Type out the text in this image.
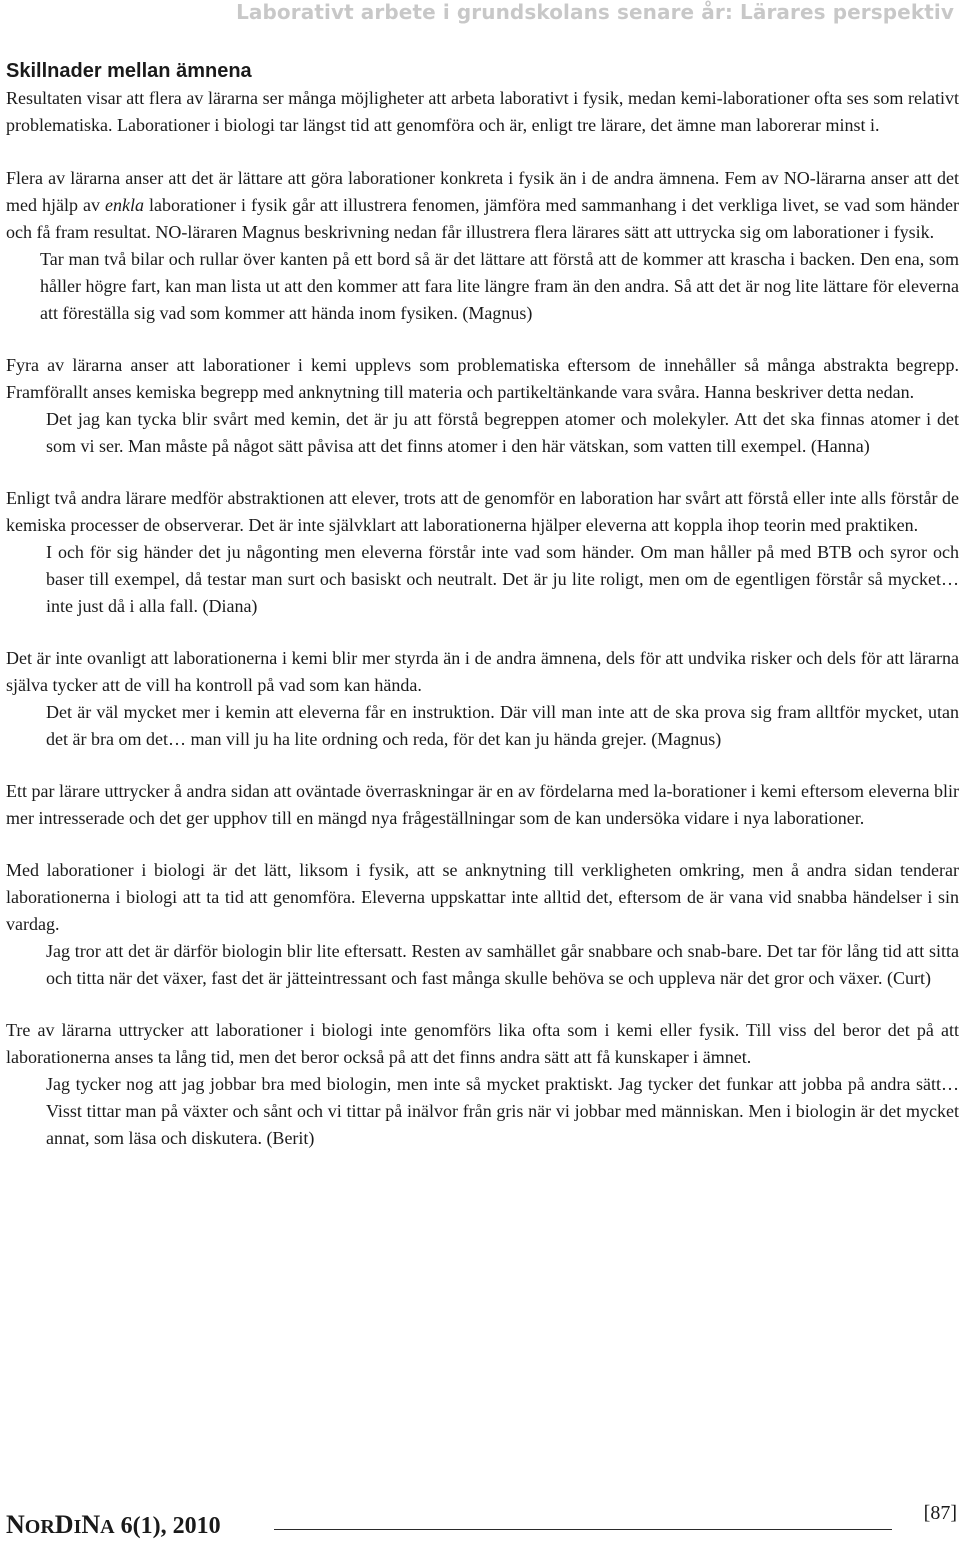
Laborativt arbete i grundskolans senare år: Lärares perspektiv
Skillnader mellan ämnena

Resultaten visar att flera av lärarna ser många möjligheter att arbeta laborativt i fysik, medan kemi-laborationer ofta ses som relativt problematiska. Laborationer i biologi tar längst tid att genomföra och är, enligt tre lärare, det ämne man laborerar minst i.

Flera av lärarna anser att det är lättare att göra laborationer konkreta i fysik än i de andra ämnena. Fem av NO-lärarna anser att det med hjälp av enkla laborationer i fysik går att illustrera fenomen, jämföra med sammanhang i det verkliga livet, se vad som händer och få fram resultat. NO-läraren Magnus beskrivning nedan får illustrera flera lärares sätt att uttrycka sig om laborationer i fysik.

Tar man två bilar och rullar över kanten på ett bord så är det lättare att förstå att de kommer att krascha i backen. Den ena, som håller högre fart, kan man lista ut att den kommer att fara lite längre fram än den andra. Så att det är nog lite lättare för eleverna att föreställa sig vad som kommer att hända inom fysiken. (Magnus)

Fyra av lärarna anser att laborationer i kemi upplevs som problematiska eftersom de innehåller så många abstrakta begrepp. Framförallt anses kemiska begrepp med anknytning till materia och partikeltänkande vara svåra. Hanna beskriver detta nedan.

Det jag kan tycka blir svårt med kemin, det är ju att förstå begreppen atomer och molekyler. Att det ska finnas atomer i det som vi ser. Man måste på något sätt påvisa att det finns atomer i den här vätskan, som vatten till exempel. (Hanna)

Enligt två andra lärare medför abstraktionen att elever, trots att de genomför en laboration har svårt att förstå eller inte alls förstår de kemiska processer de observerar. Det är inte självklart att laborationerna hjälper eleverna att koppla ihop teorin med praktiken.

I och för sig händer det ju någonting men eleverna förstår inte vad som händer. Om man håller på med BTB och syror och baser till exempel, då testar man surt och basiskt och neutralt. Det är ju lite roligt, men om de egentligen förstår så mycket… inte just då i alla fall. (Diana)

Det är inte ovanligt att laborationerna i kemi blir mer styrda än i de andra ämnena, dels för att undvika risker och dels för att lärarna själva tycker att de vill ha kontroll på vad som kan hända.

Det är väl mycket mer i kemin att eleverna får en instruktion. Där vill man inte att de ska prova sig fram alltför mycket, utan det är bra om det… man vill ju ha lite ordning och reda, för det kan ju hända grejer. (Magnus)

Ett par lärare uttrycker å andra sidan att oväntade överraskningar är en av fördelarna med la-borationer i kemi eftersom eleverna blir mer intresserade och det ger upphov till en mängd nya frågeställningar som de kan undersöka vidare i nya laborationer.

Med laborationer i biologi är det lätt, liksom i fysik, att se anknytning till verkligheten omkring, men å andra sidan tenderar laborationerna i biologi att ta tid att genomföra. Eleverna uppskattar inte alltid det, eftersom de är vana vid snabba händelser i sin vardag.

Jag tror att det är därför biologin blir lite eftersatt. Resten av samhället går snabbare och snab-bare. Det tar för lång tid att sitta och titta när det växer, fast det är jätteintressant och fast många skulle behöva se och uppleva när det gror och växer. (Curt)

Tre av lärarna uttrycker att laborationer i biologi inte genomförs lika ofta som i kemi eller fysik. Till viss del beror det på att laborationerna anses ta lång tid, men det beror också på att det finns andra sätt att få kunskaper i ämnet.

Jag tycker nog att jag jobbar bra med biologin, men inte så mycket praktiskt. Jag tycker det funkar att jobba på andra sätt… Visst tittar man på växter och sånt och vi tittar på inälvor från gris när vi jobbar med människan. Men i biologin är det mycket annat, som läsa och diskutera. (Berit)

NORDINA 6(1), 2010	[87]
